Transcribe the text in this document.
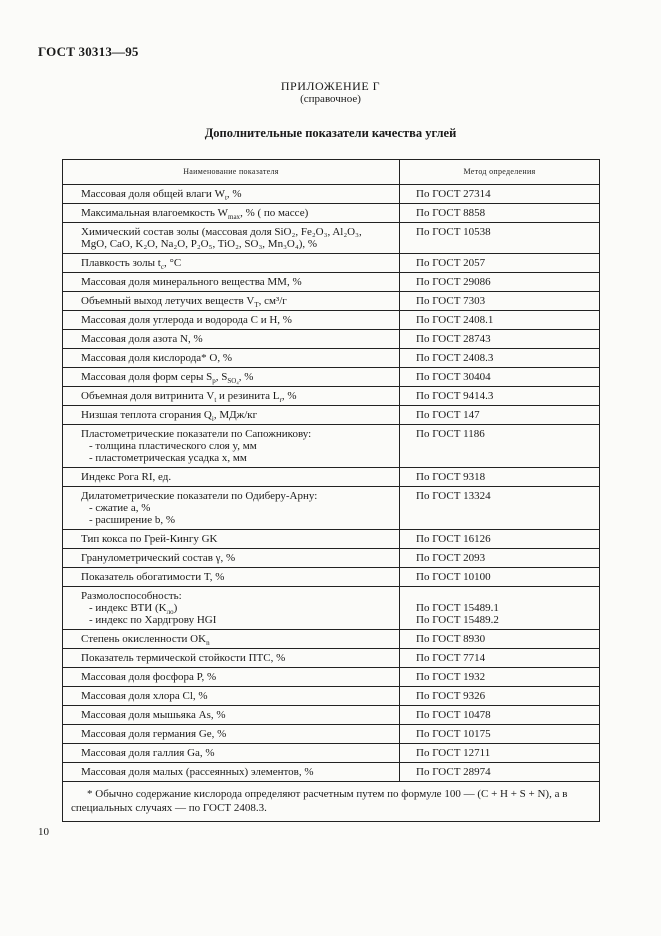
ГОСТ 30313—95
ПРИЛОЖЕНИЕ Г
(справочное)
Дополнительные показатели качества углей
Наименование показателя	Метод определения

Массовая доля общей влаги $W_t$, %	По ГОСТ 27314

Максимальная влагоемкость $W_{max}$, % ( по массе)	По ГОСТ 8858

Химический состав золы (массовая доля SiO₂, Fe₂O₃, Al₂O₃,
MgO, CaO, K₂O, Na₂O, P₂O₅, TiO₂, SO₃, Mn₃O₄), %	По ГОСТ 10538

Плавкость золы $t_c$, °C	По ГОСТ 2057

Массовая доля минерального вещества ММ, %	По ГОСТ 29086

Объемный выход летучих веществ $V_T$, см³/г	По ГОСТ 7303

Массовая доля углерода и водорода C и H, %	По ГОСТ 2408.1

Массовая доля азота N, %	По ГОСТ 28743

Массовая доля кислорода* O, %	По ГОСТ 2408.3

Массовая доля форм серы $S_p$, $S_{SO_4}$, %	По ГОСТ 30404

Объемная доля витринита $V_t$ и резинита $L_r$, %	По ГОСТ 9414.3

Низшая теплота сгорания $Q_i$, МДж/кг	По ГОСТ 147

Пластометрические показатели по Сапожникову:
- толщина пластического слоя y, мм
- пластометрическая усадка x, мм	По ГОСТ 1186

Индекс Рога RI, ед.	По ГОСТ 9318

Дилатометрические показатели по Одиберу-Арну:
- сжатие a, %
- расширение b, %	По ГОСТ 13324

Тип кокса по Грей-Кингу GK	По ГОСТ 16126

Гранулометрический состав γ, %	По ГОСТ 2093

Показатель обогатимости T, %	По ГОСТ 10100

Размолоспособность:
- индекс ВТИ $(K_{ло})$
- индекс по Хардгрову HGI	По ГОСТ 15489.1
По ГОСТ 15489.2

Степень окисленности $OK_n$	По ГОСТ 8930

Показатель термической стойкости ПТС, %	По ГОСТ 7714

Массовая доля фосфора P, %	По ГОСТ 1932

Массовая доля хлора Cl, %	По ГОСТ 9326

Массовая доля мышьяка As, %	По ГОСТ 10478

Массовая доля германия Ge, %	По ГОСТ 10175

Массовая доля галлия Ga, %	По ГОСТ 12711

Массовая доля малых (рассеянных) элементов, %	По ГОСТ 28974

* Обычно содержание кислорода определяют расчетным путем по формуле 100 — (C + H + S + N), а в
специальных случаях — по ГОСТ 2408.3.	
10
